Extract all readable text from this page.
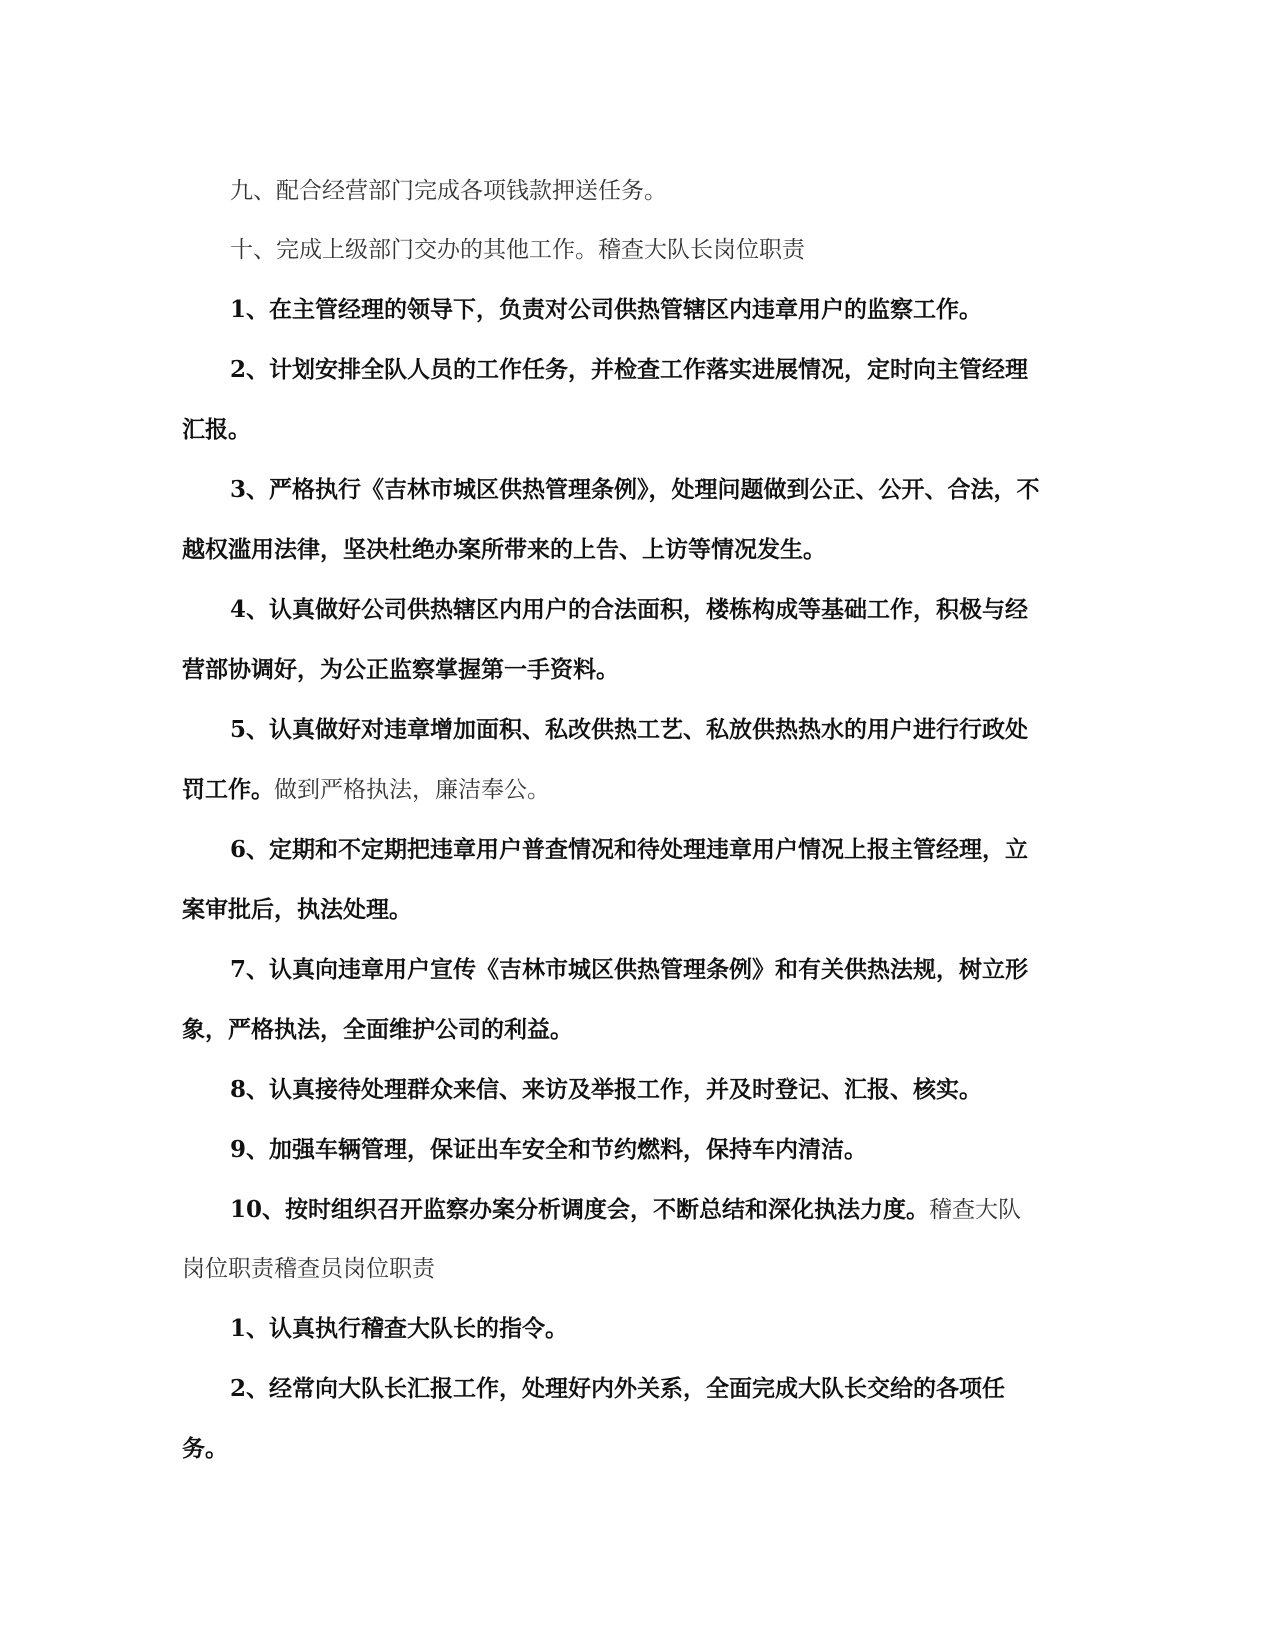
九、配合经营部门完成各项钱款押送任务。

十、完成上级部门交办的其他工作。稽查大队长岗位职责

1、在主管经理的领导下，负责对公司供热管辖区内违章用户的监察工作。

2、计划安排全队人员的工作任务，并检查工作落实进展情况，定时向主管经理汇报。

3、严格执行《吉林市城区供热管理条例》，处理问题做到公正、公开、合法，不越权滥用法律，坚决杜绝办案所带来的上告、上访等情况发生。

4、认真做好公司供热辖区内用户的合法面积，楼栋构成等基础工作，积极与经营部协调好，为公正监察掌握第一手资料。

5、认真做好对违章增加面积、私改供热工艺、私放供热热水的用户进行行政处罚工作。做到严格执法，廉洁奉公。

6、定期和不定期把违章用户普查情况和待处理违章用户情况上报主管经理，立案审批后，执法处理。

7、认真向违章用户宣传《吉林市城区供热管理条例》和有关供热法规，树立形象，严格执法，全面维护公司的利益。

8、认真接待处理群众来信、来访及举报工作，并及时登记、汇报、核实。

9、加强车辆管理，保证出车安全和节约燃料，保持车内清洁。

10、按时组织召开监察办案分析调度会，不断总结和深化执法力度。稽查大队岗位职责稽查员岗位职责

1、认真执行稽查大队长的指令。

2、经常向大队长汇报工作，处理好内外关系，全面完成大队长交给的各项任务。
